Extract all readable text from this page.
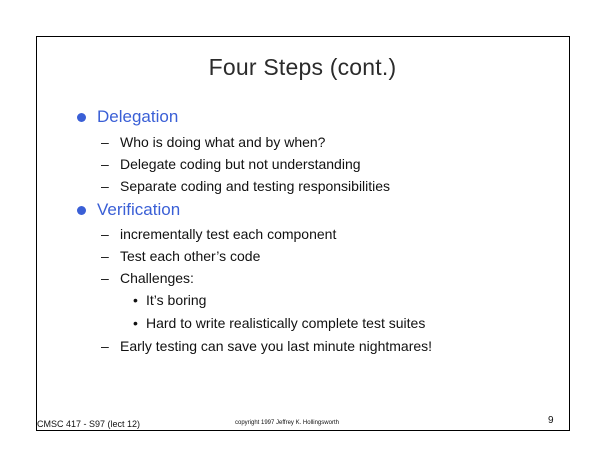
Four Steps (cont.)
Delegation
– Who is doing what and by when?
– Delegate coding but not understanding
– Separate coding and testing responsibilities
Verification
– incrementally test each component
– Test each other’s code
– Challenges:
• It’s boring
• Hard to write realistically complete test suites
– Early testing can save you last minute nightmares!
CMSC 417 - S97 (lect 12)	copyright 1997 Jeffrey K. Hollingsworth	9
